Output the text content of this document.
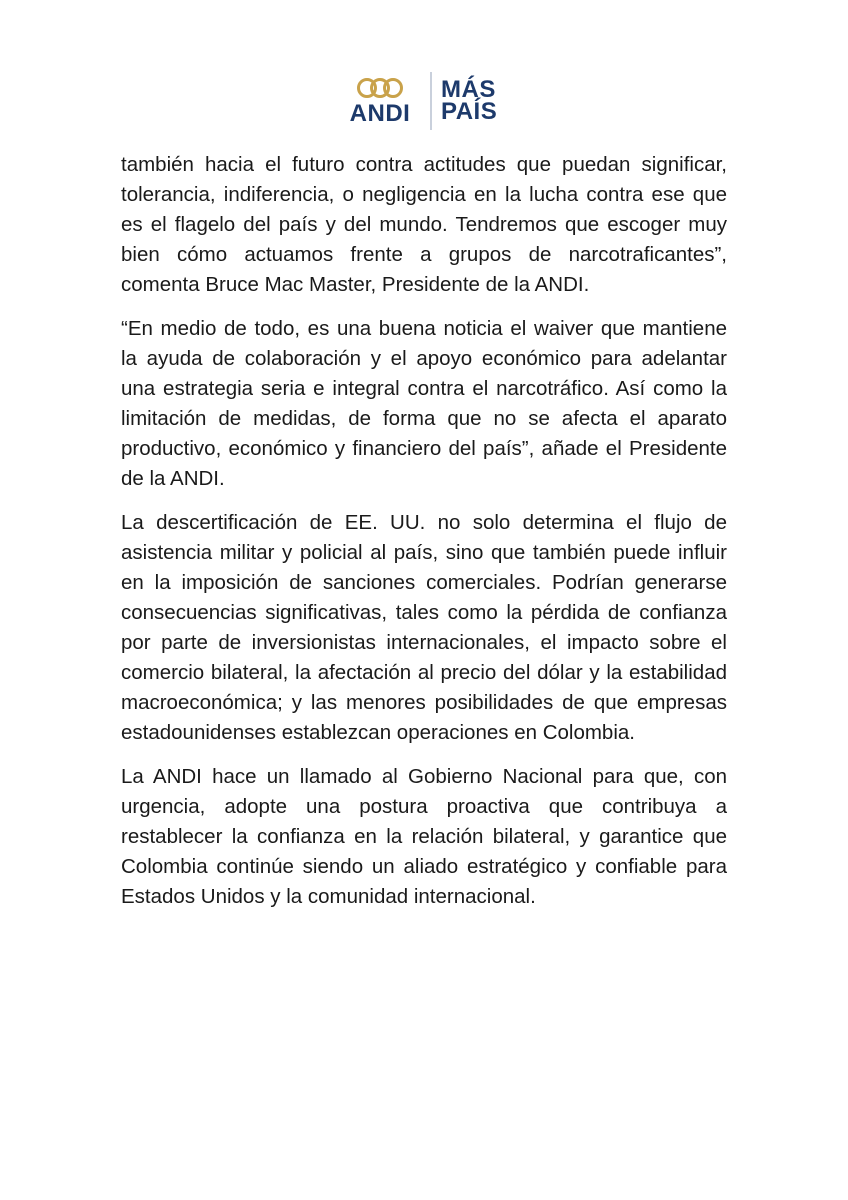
ANDI
MÁS
PAÍS

también hacia el futuro contra actitudes que puedan significar, tolerancia, indiferencia, o negligencia en la lucha contra ese que es el flagelo del país y del mundo. Tendremos que escoger muy bien cómo actuamos frente a grupos de narcotraficantes”, comenta Bruce Mac Master, Presidente de la ANDI.

“En medio de todo, es una buena noticia el waiver que mantiene la ayuda de colaboración y el apoyo económico para adelantar una estrategia seria e integral contra el narcotráfico. Así como la limitación de medidas, de forma que no se afecta el aparato productivo, económico y financiero del país”, añade el Presidente de la ANDI.

La descertificación de EE. UU. no solo determina el flujo de asistencia militar y policial al país, sino que también puede influir en la imposición de sanciones comerciales. Podrían generarse consecuencias significativas, tales como la pérdida de confianza por parte de inversionistas internacionales, el impacto sobre el comercio bilateral, la afectación al precio del dólar y la estabilidad macroeconómica; y las menores posibilidades de que empresas estadounidenses establezcan operaciones en Colombia.

La ANDI hace un llamado al Gobierno Nacional para que, con urgencia, adopte una postura proactiva que contribuya a restablecer la confianza en la relación bilateral, y garantice que Colombia continúe siendo un aliado estratégico y confiable para Estados Unidos y la comunidad internacional.
